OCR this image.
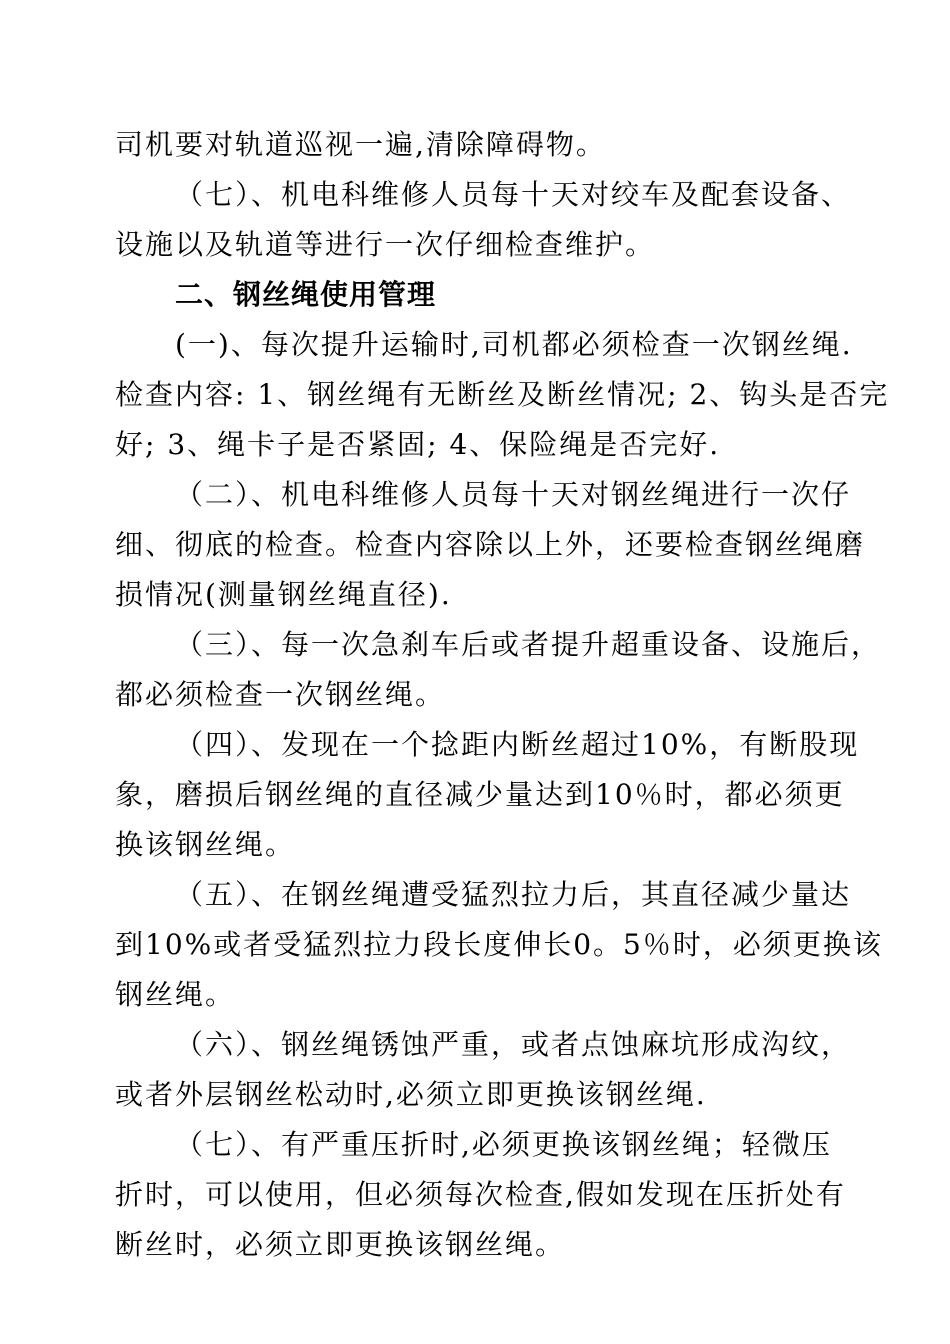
司机要对轨道巡视一遍,清除障碍物。
（七）、机电科维修人员每十天对绞车及配套设备、
设施以及轨道等进行一次仔细检查维护。
二、钢丝绳使用管理
(一)、每次提升运输时,司机都必须检查一次钢丝绳.
检查内容: 1、钢丝绳有无断丝及断丝情况; 2、钩头是否完
好; 3、绳卡子是否紧固; 4、保险绳是否完好.
（二）、机电科维修人员每十天对钢丝绳进行一次仔
细、彻底的检查。检查内容除以上外，还要检查钢丝绳磨
损情况(测量钢丝绳直径).
（三）、每一次急刹车后或者提升超重设备、设施后，
都必须检查一次钢丝绳。
（四）、发现在一个捻距内断丝超过10%，有断股现
象，磨损后钢丝绳的直径减少量达到10％时，都必须更
换该钢丝绳。
（五）、在钢丝绳遭受猛烈拉力后，其直径减少量达
到10%或者受猛烈拉力段长度伸长0。5％时，必须更换该
钢丝绳。
（六）、钢丝绳锈蚀严重，或者点蚀麻坑形成沟纹，
或者外层钢丝松动时,必须立即更换该钢丝绳.
（七）、有严重压折时,必须更换该钢丝绳；轻微压
折时，可以使用，但必须每次检查,假如发现在压折处有
断丝时，必须立即更换该钢丝绳。
